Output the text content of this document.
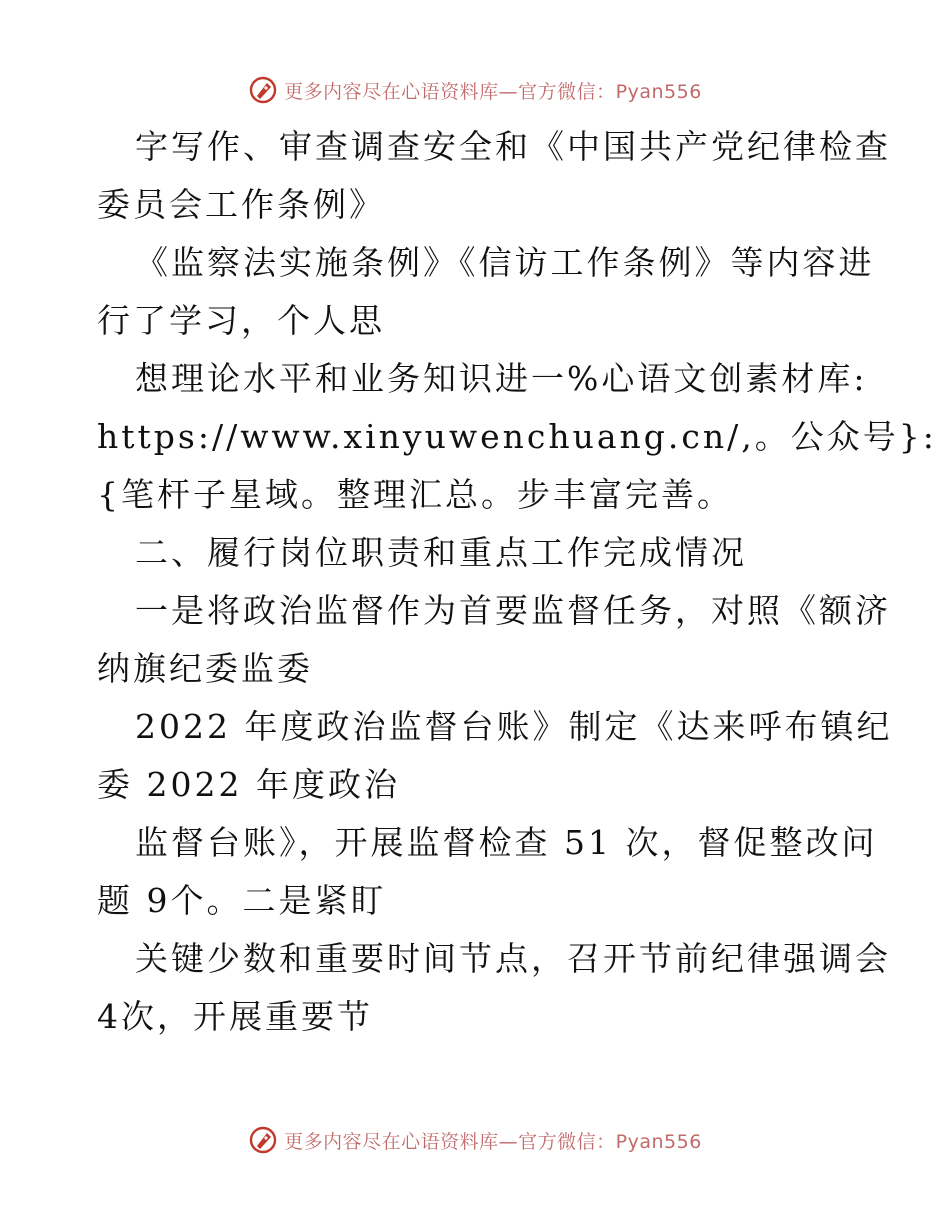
更多内容尽在心语资料库—官方微信：Pyan556
字写作、审查调查安全和《中国共产党纪律检查
委员会工作条例》
《监察法实施条例》《信访工作条例》等内容进
行了学习，个人思
想理论水平和业务知识进一%心语文创素材库:
https://www.xinyuwenchuang.cn/,。公众号}:
{笔杆子星域。整理汇总。步丰富完善。
二、履行岗位职责和重点工作完成情况
一是将政治监督作为首要监督任务，对照《额济
纳旗纪委监委
2022 年度政治监督台账》制定《达来呼布镇纪
委 2022 年度政治
监督台账》，开展监督检查 51 次，督促整改问
题 9个。二是紧盯
关键少数和重要时间节点，召开节前纪律强调会
4次，开展重要节
更多内容尽在心语资料库—官方微信：Pyan556
